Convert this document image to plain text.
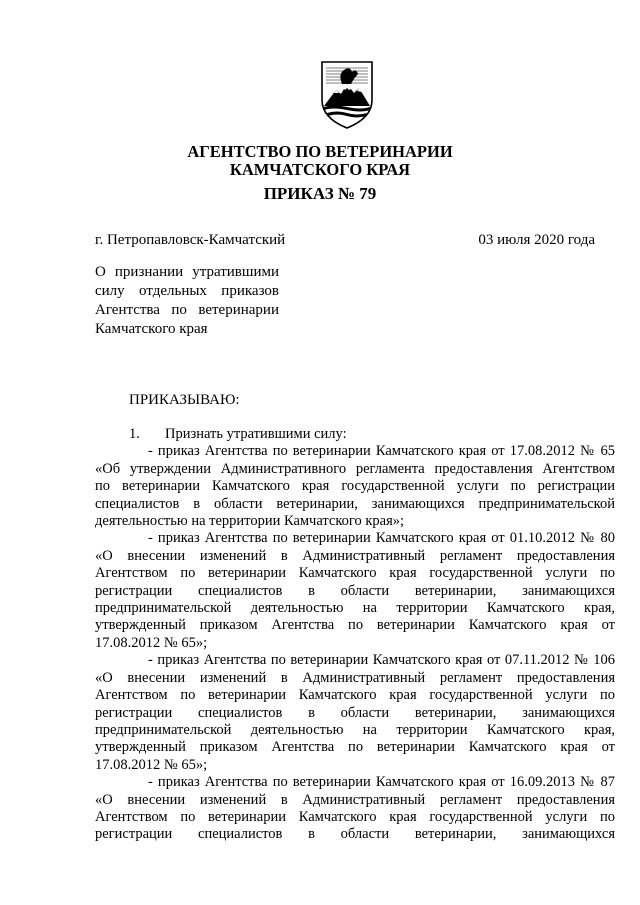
АГЕНТСТВО ПО ВЕТЕРИНАРИИ
КАМЧАТСКОГО КРАЯ
ПРИКАЗ № 79
г. Петропавловск-Камчатский	03 июля 2020 года
О признании утратившими
силу отдельных приказов
Агентства по ветеринарии
Камчатского края
ПРИКАЗЫВАЮ:
1. Признать утратившими силу:
- приказ Агентства по ветеринарии Камчатского края от 17.08.2012 № 65
«Об утверждении Административного регламента предоставления Агентством
по ветеринарии Камчатского края государственной услуги по регистрации
специалистов в области ветеринарии, занимающихся предпринимательской
деятельностью на территории Камчатского края»;
- приказ Агентства по ветеринарии Камчатского края от 01.10.2012 № 80
«О внесении изменений в Административный регламент предоставления
Агентством по ветеринарии Камчатского края государственной услуги по
регистрации специалистов в области ветеринарии, занимающихся
предпринимательской деятельностью на территории Камчатского края,
утвержденный приказом Агентства по ветеринарии Камчатского края от
17.08.2012 № 65»;
- приказ Агентства по ветеринарии Камчатского края от 07.11.2012 № 106
«О внесении изменений в Административный регламент предоставления
Агентством по ветеринарии Камчатского края государственной услуги по
регистрации специалистов в области ветеринарии, занимающихся
предпринимательской деятельностью на территории Камчатского края,
утвержденный приказом Агентства по ветеринарии Камчатского края от
17.08.2012 № 65»;
- приказ Агентства по ветеринарии Камчатского края от 16.09.2013 № 87
«О внесении изменений в Административный регламент предоставления
Агентством по ветеринарии Камчатского края государственной услуги по
регистрации специалистов в области ветеринарии, занимающихся
